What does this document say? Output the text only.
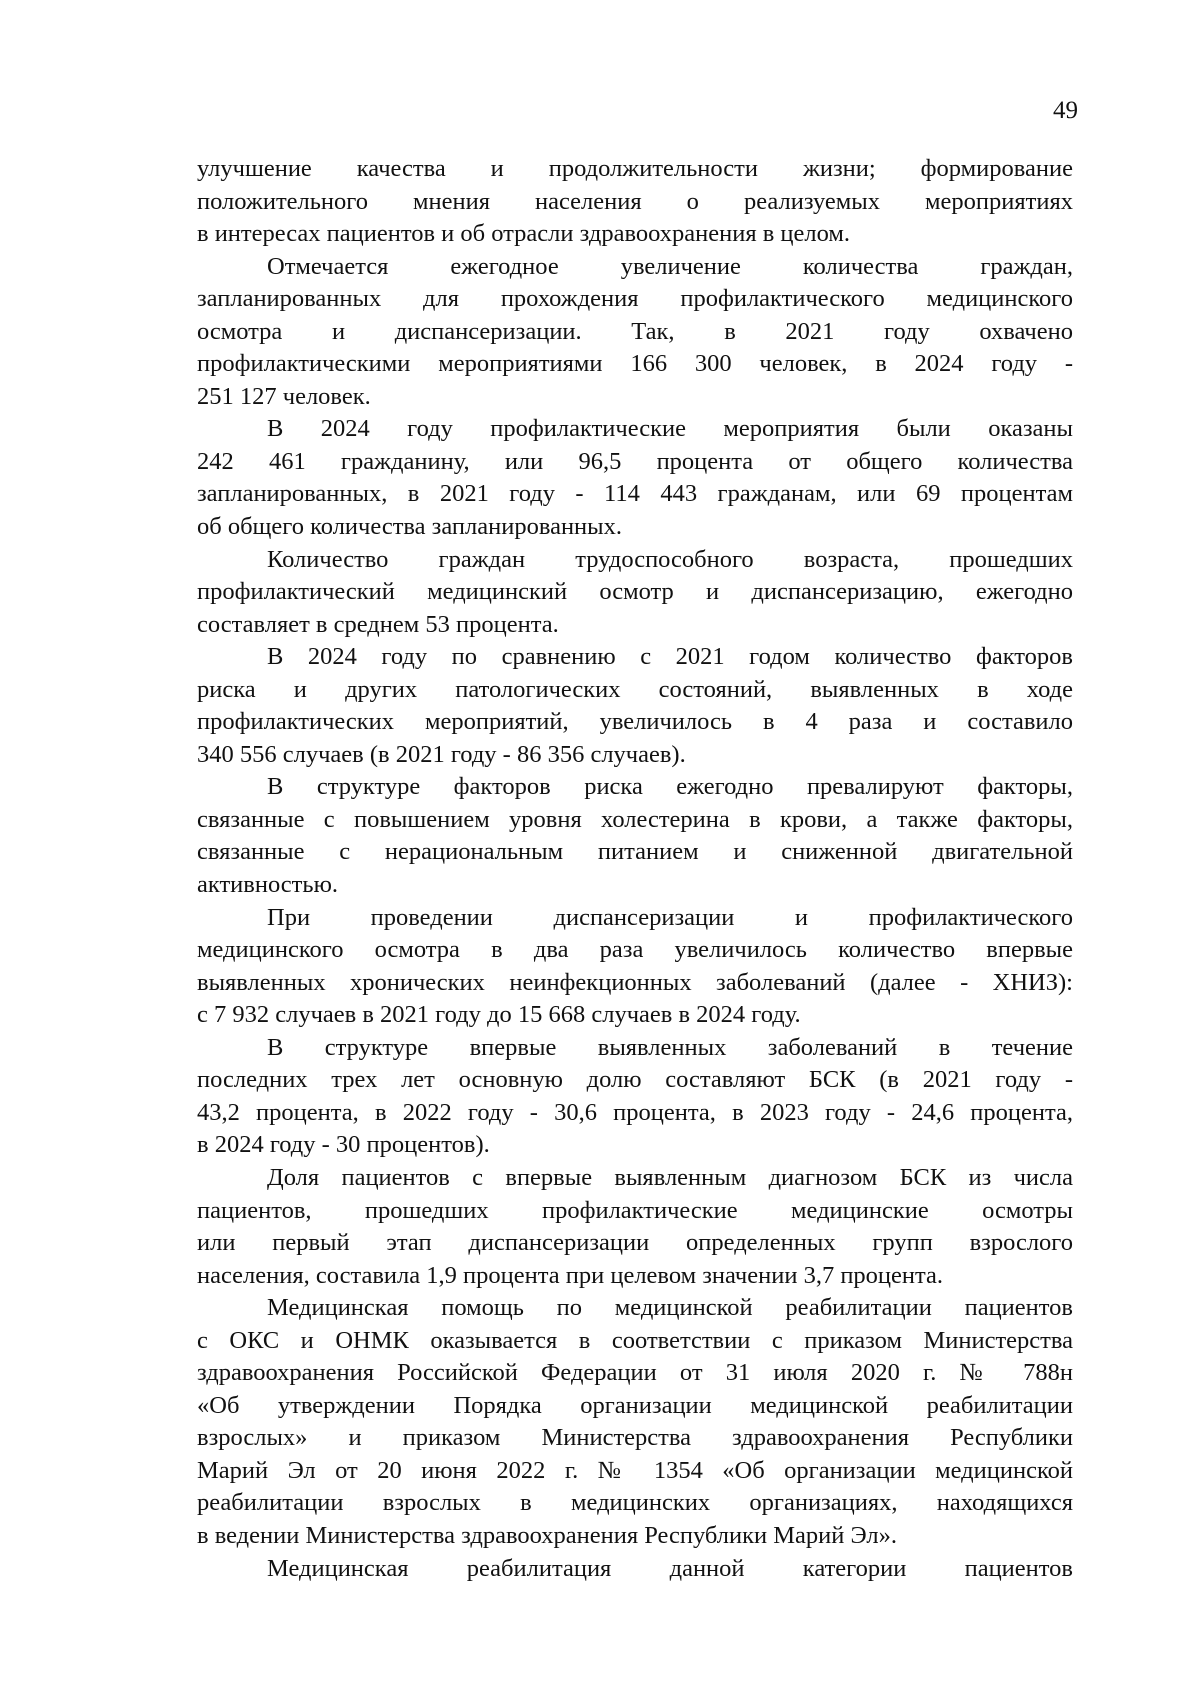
49
улучшение качества и продолжительности жизни; формирование
положительного мнения населения о реализуемых мероприятиях
в интересах пациентов и об отрасли здравоохранения в целом.
Отмечается ежегодное увеличение количества граждан,
запланированных для прохождения профилактического медицинского
осмотра и диспансеризации. Так, в 2021 году охвачено
профилактическими мероприятиями 166 300 человек, в 2024 году -
251 127 человек.
В 2024 году профилактические мероприятия были оказаны
242 461 гражданину, или 96,5 процента от общего количества
запланированных, в 2021 году - 114 443 гражданам, или 69 процентам
об общего количества запланированных.
Количество граждан трудоспособного возраста, прошедших
профилактический медицинский осмотр и диспансеризацию, ежегодно
составляет в среднем 53 процента.
В 2024 году по сравнению с 2021 годом количество факторов
риска и других патологических состояний, выявленных в ходе
профилактических мероприятий, увеличилось в 4 раза и составило
340 556 случаев (в 2021 году - 86 356 случаев).
В структуре факторов риска ежегодно превалируют факторы,
связанные с повышением уровня холестерина в крови, а также факторы,
связанные с нерациональным питанием и сниженной двигательной
активностью.
При проведении диспансеризации и профилактического
медицинского осмотра в два раза увеличилось количество впервые
выявленных хронических неинфекционных заболеваний (далее - ХНИЗ):
с 7 932 случаев в 2021 году до 15 668 случаев в 2024 году.
В структуре впервые выявленных заболеваний в течение
последних трех лет основную долю составляют БСК (в 2021 году -
43,2 процента, в 2022 году - 30,6 процента, в 2023 году - 24,6 процента,
в 2024 году - 30 процентов).
Доля пациентов с впервые выявленным диагнозом БСК из числа
пациентов, прошедших профилактические медицинские осмотры
или первый этап диспансеризации определенных групп взрослого
населения, составила 1,9 процента при целевом значении 3,7 процента.
Медицинская помощь по медицинской реабилитации пациентов
с ОКС и ОНМК оказывается в соответствии с приказом Министерства
здравоохранения Российской Федерации от 31 июля 2020 г. № 788н
«Об утверждении Порядка организации медицинской реабилитации
взрослых» и приказом Министерства здравоохранения Республики
Марий Эл от 20 июня 2022 г. № 1354 «Об организации медицинской
реабилитации взрослых в медицинских организациях, находящихся
в ведении Министерства здравоохранения Республики Марий Эл».
Медицинская реабилитация данной категории пациентов
